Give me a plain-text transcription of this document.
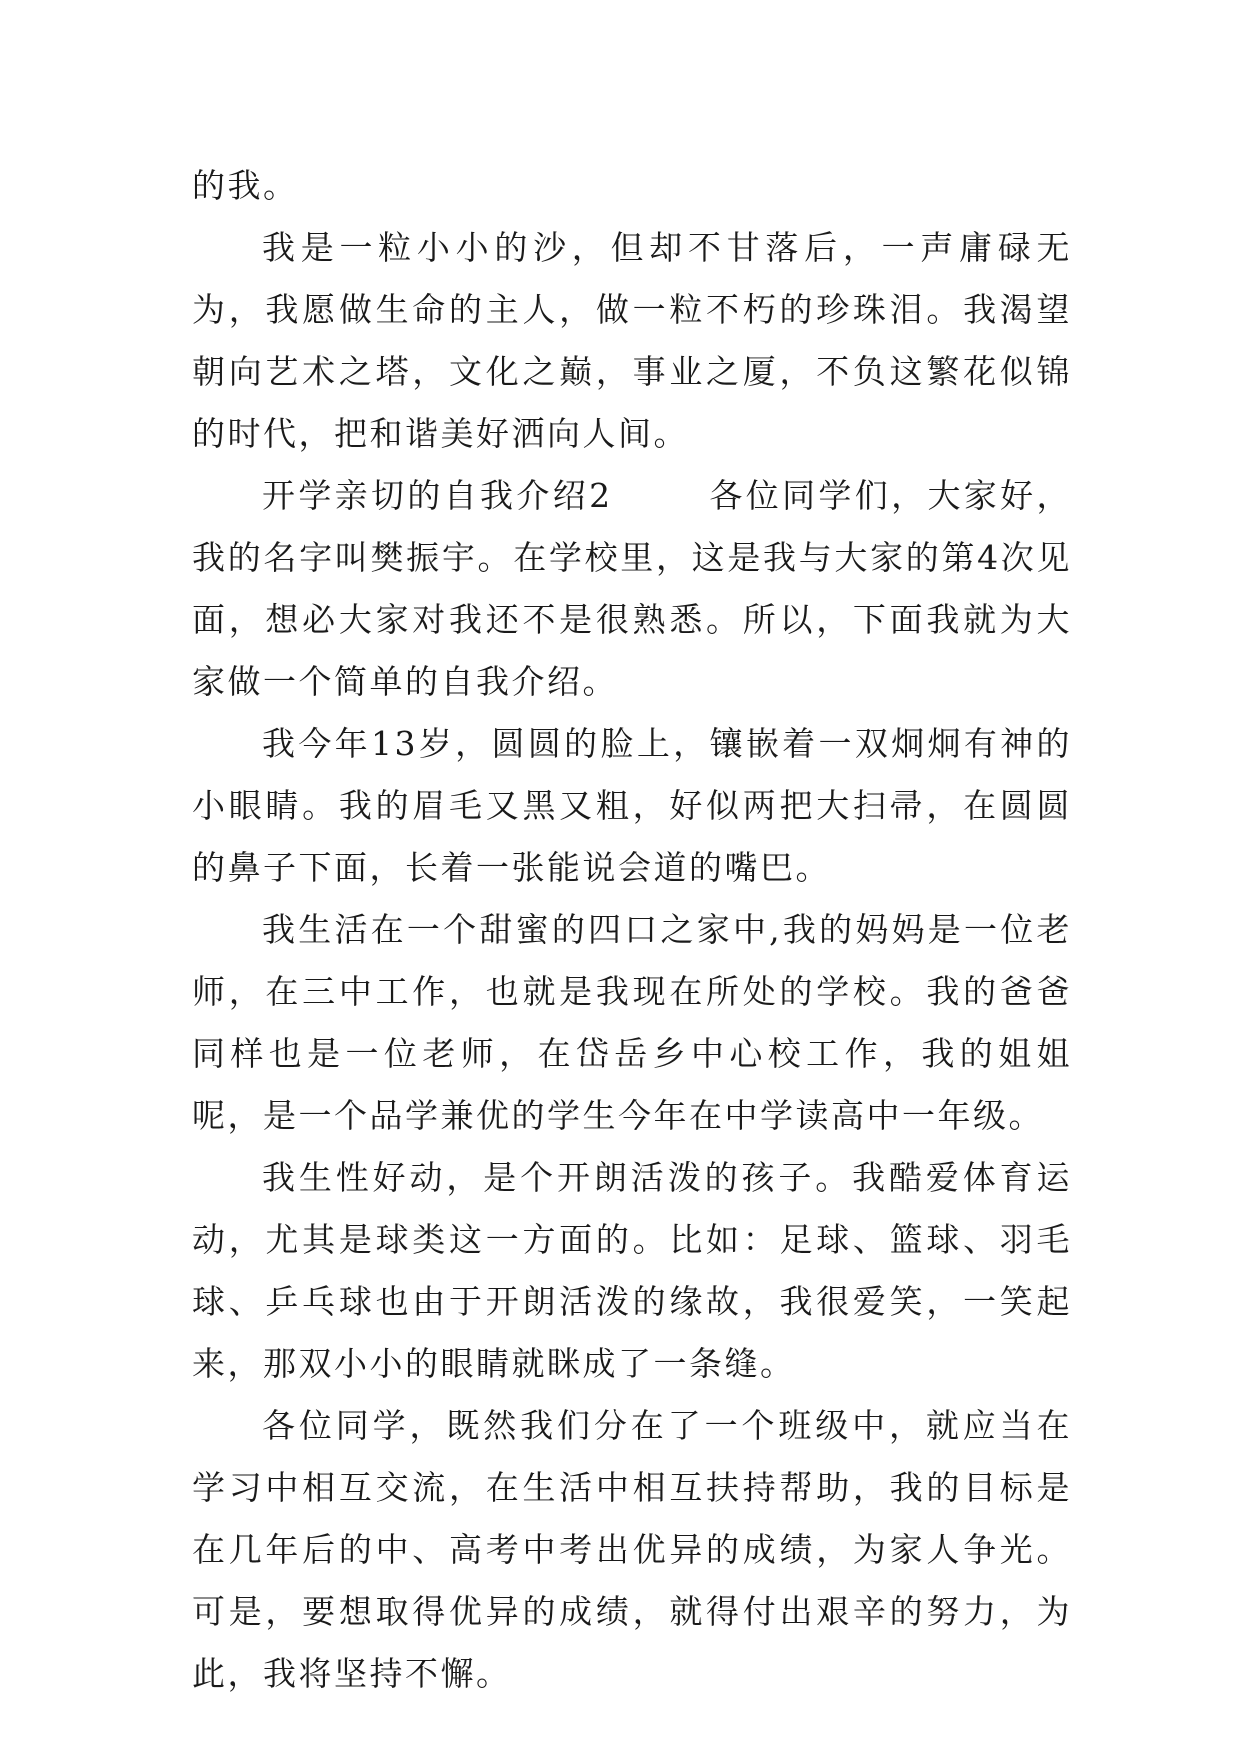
的我。

我是一粒小小的沙，但却不甘落后，一声庸碌无为，我愿做生命的主人，做一粒不朽的珍珠泪。我渴望朝向艺术之塔，文化之巅，事业之厦，不负这繁花似锦的时代，把和谐美好洒向人间。

开学亲切的自我介绍2	各位同学们，大家好，我的名字叫樊振宇。在学校里，这是我与大家的第4次见面，想必大家对我还不是很熟悉。所以，下面我就为大家做一个简单的自我介绍。

我今年13岁，圆圆的脸上，镶嵌着一双炯炯有神的小眼睛。我的眉毛又黑又粗，好似两把大扫帚，在圆圆的鼻子下面，长着一张能说会道的嘴巴。

我生活在一个甜蜜的四口之家中,我的妈妈是一位老师，在三中工作，也就是我现在所处的学校。我的爸爸同样也是一位老师，在岱岳乡中心校工作，我的姐姐呢，是一个品学兼优的学生今年在中学读高中一年级。

我生性好动，是个开朗活泼的孩子。我酷爱体育运动，尤其是球类这一方面的。比如：足球、篮球、羽毛球、乒乓球也由于开朗活泼的缘故，我很爱笑，一笑起来，那双小小的眼睛就眯成了一条缝。

各位同学，既然我们分在了一个班级中，就应当在学习中相互交流，在生活中相互扶持帮助，我的目标是在几年后的中、高考中考出优异的成绩，为家人争光。可是，要想取得优异的成绩，就得付出艰辛的努力，为此，我将坚持不懈。
